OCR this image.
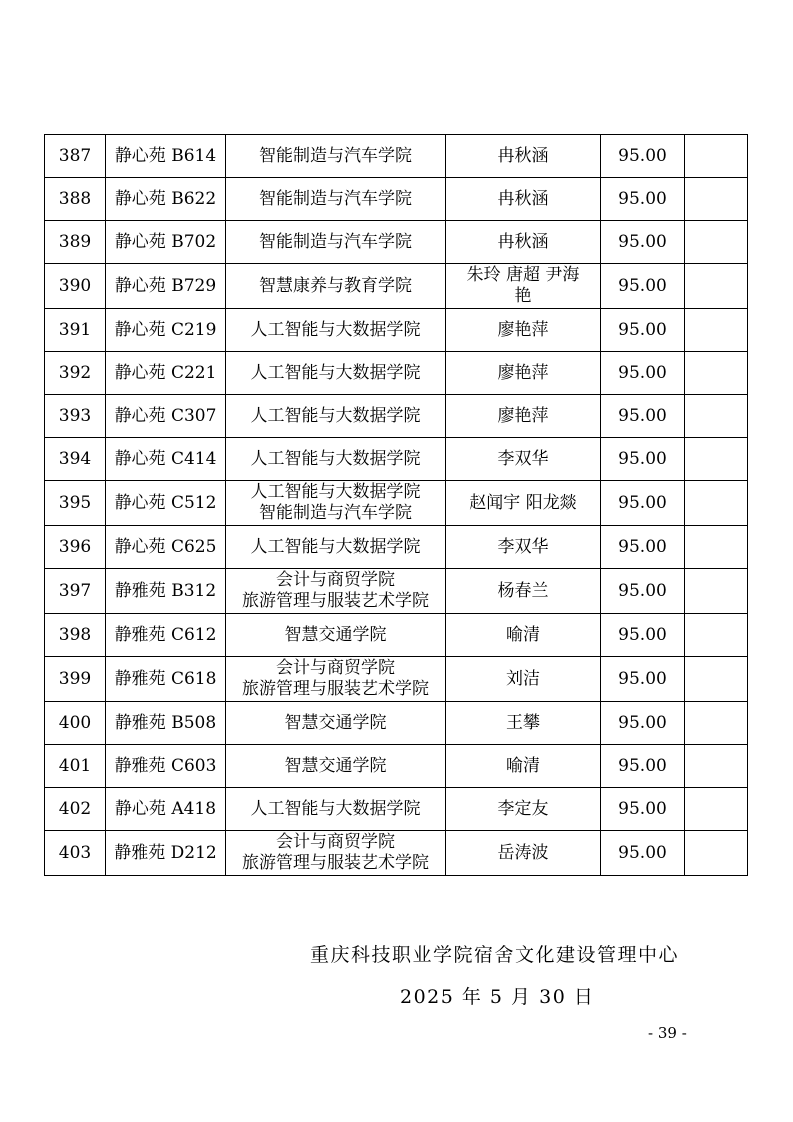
387	静心苑 B614	智能制造与汽车学院	冉秋涵	95.00	
388	静心苑 B622	智能制造与汽车学院	冉秋涵	95.00	
389	静心苑 B702	智能制造与汽车学院	冉秋涵	95.00	
390	静心苑 B729	智慧康养与教育学院	朱玲 唐超 尹海艳	95.00	
391	静心苑 C219	人工智能与大数据学院	廖艳萍	95.00	
392	静心苑 C221	人工智能与大数据学院	廖艳萍	95.00	
393	静心苑 C307	人工智能与大数据学院	廖艳萍	95.00	
394	静心苑 C414	人工智能与大数据学院	李双华	95.00	
395	静心苑 C512	人工智能与大数据学院
智能制造与汽车学院	赵闻宇 阳龙燚	95.00	
396	静心苑 C625	人工智能与大数据学院	李双华	95.00	
397	静雅苑 B312	会计与商贸学院
旅游管理与服装艺术学院	杨春兰	95.00	
398	静雅苑 C612	智慧交通学院	喻清	95.00	
399	静雅苑 C618	会计与商贸学院
旅游管理与服装艺术学院	刘洁	95.00	
400	静雅苑 B508	智慧交通学院	王攀	95.00	
401	静雅苑 C603	智慧交通学院	喻清	95.00	
402	静心苑 A418	人工智能与大数据学院	李定友	95.00	
403	静雅苑 D212	会计与商贸学院
旅游管理与服装艺术学院	岳涛波	95.00	
重庆科技职业学院宿舍文化建设管理中心
2025 年 5 月 30 日
- 39 -
